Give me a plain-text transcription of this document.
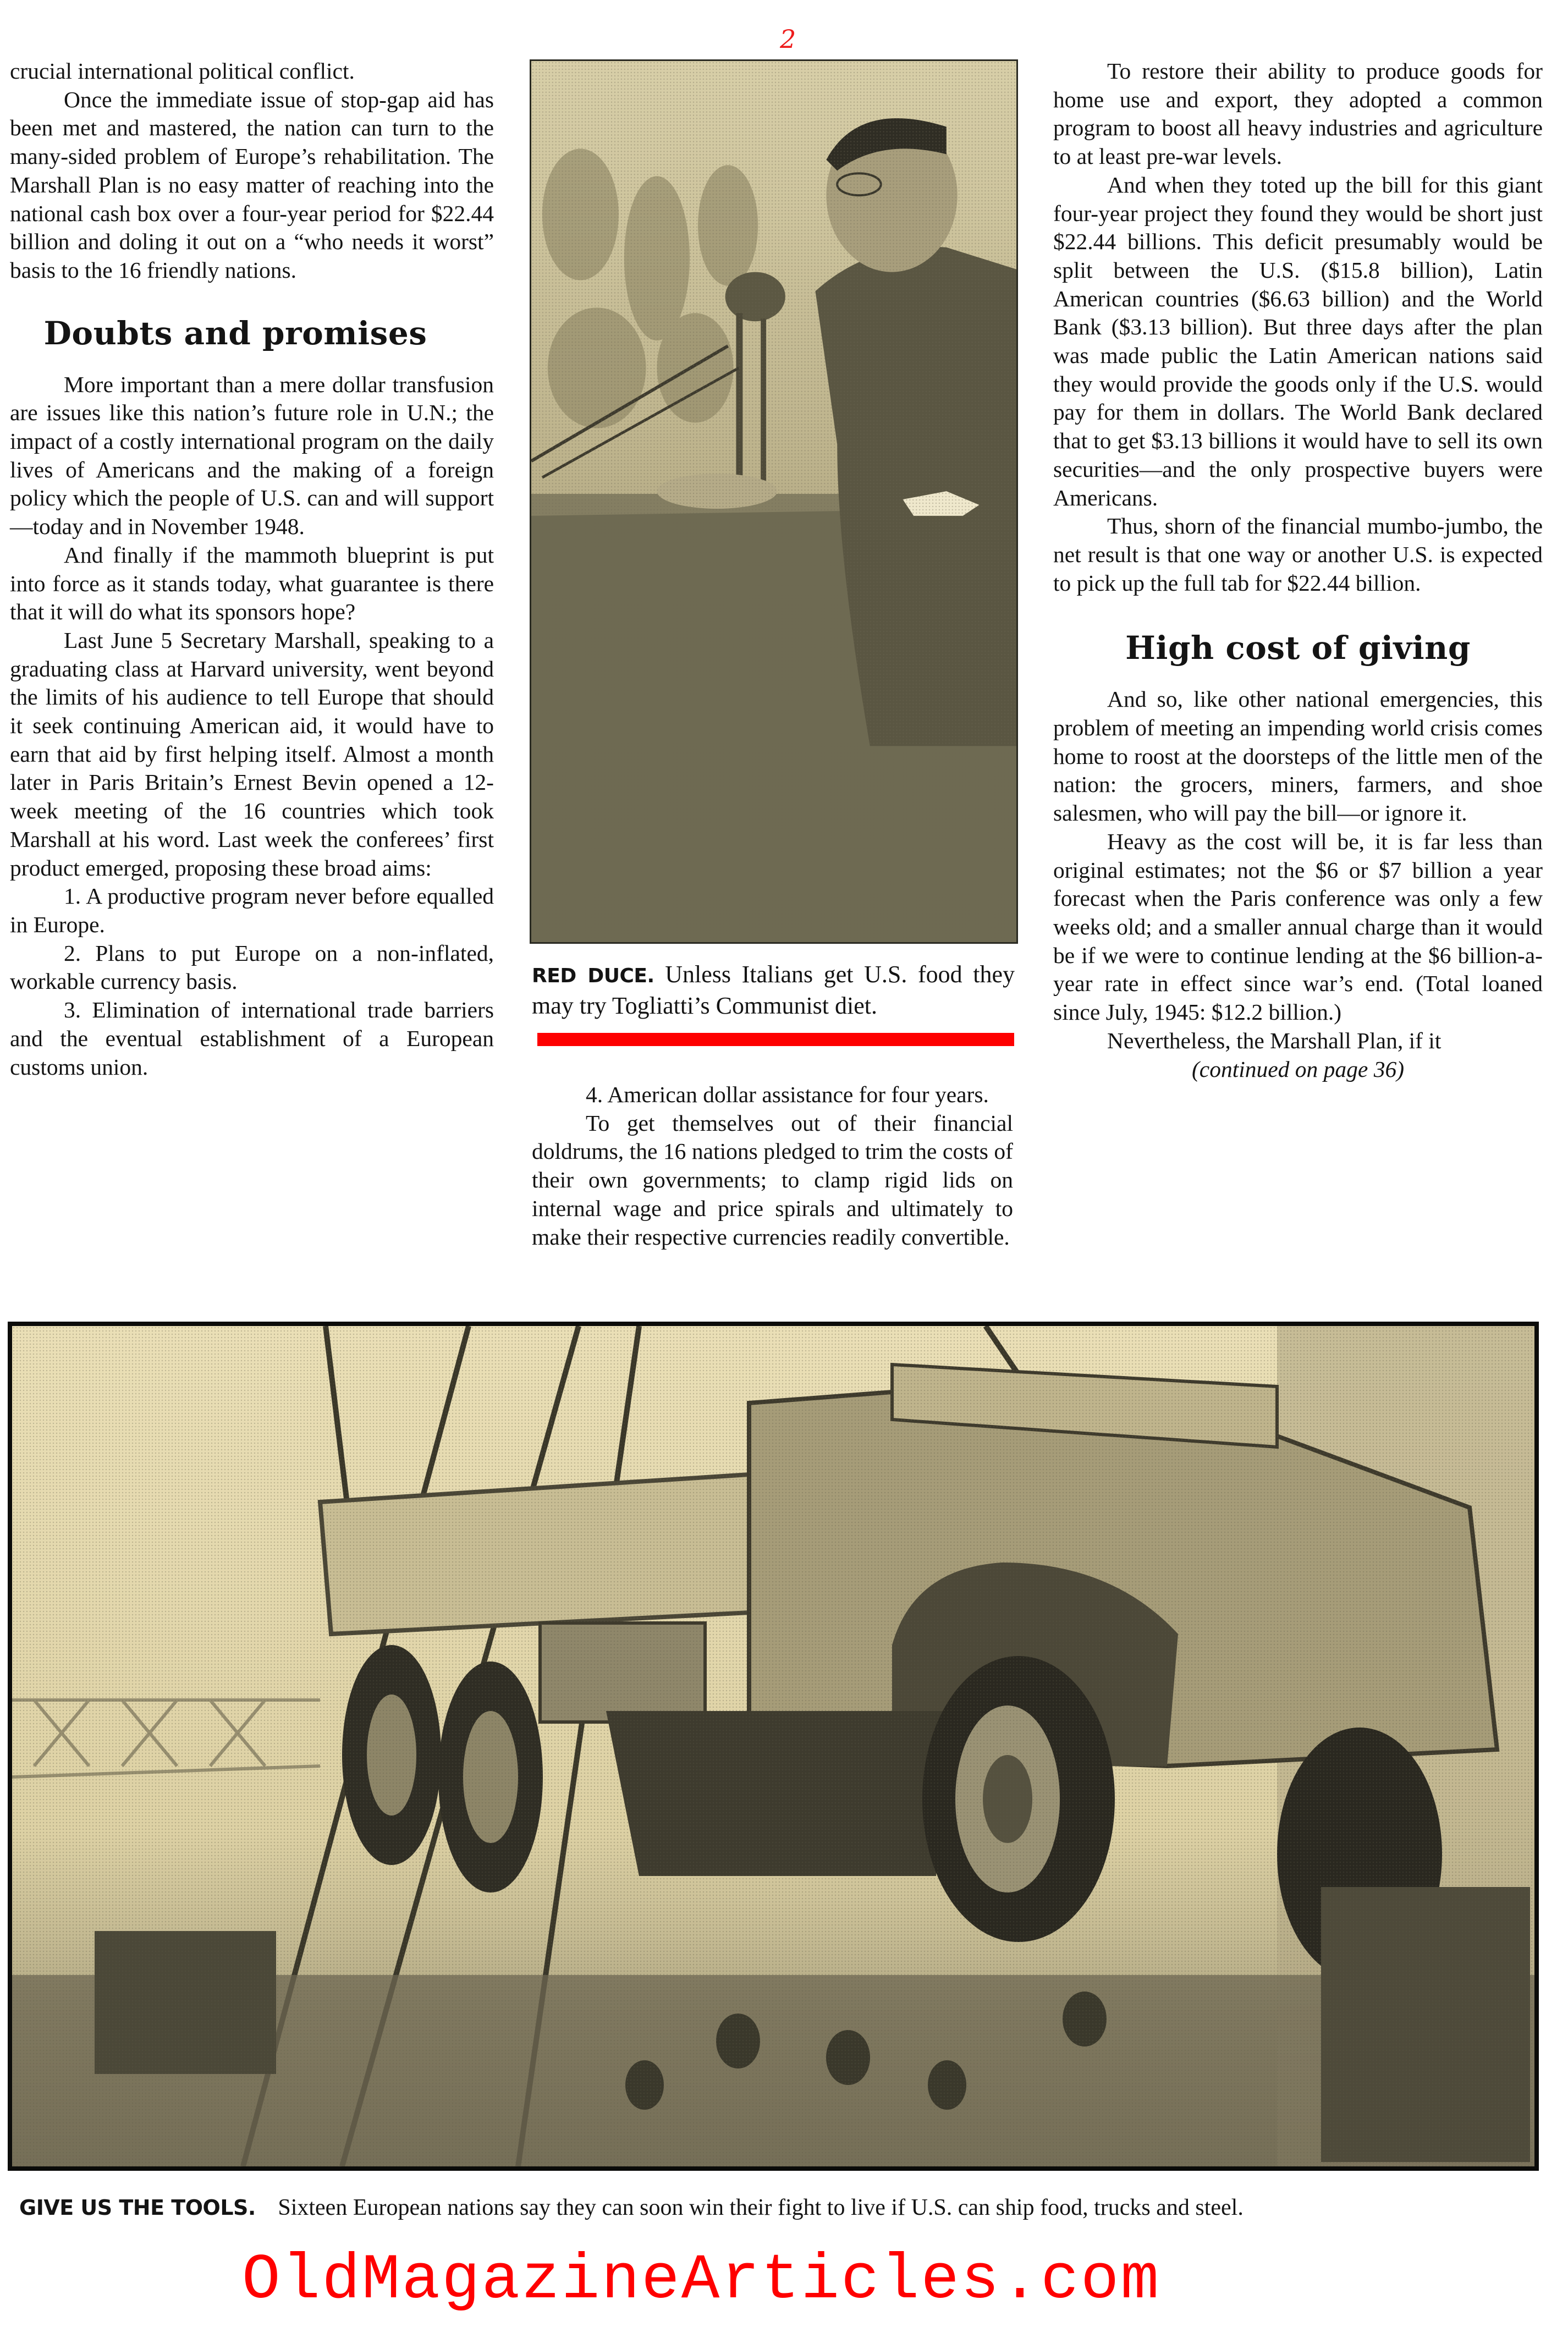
2

crucial international political conflict.

Once the immediate issue of stop-gap aid has been met and mastered, the nation can turn to the many-sided problem of Europe’s rehabilitation. The Marshall Plan is no easy matter of reaching into the national cash box over a four-year period for $22.44 billion and doling it out on a “who needs it worst” basis to the 16 friendly nations.

Doubts and promises

More important than a mere dollar transfusion are issues like this nation’s future role in U.N.; the impact of a costly international program on the daily lives of Americans and the making of a foreign policy which the people of U.S. can and will support—today and in November 1948.

And finally if the mammoth blueprint is put into force as it stands today, what guarantee is there that it will do what its sponsors hope?

Last June 5 Secretary Marshall, speaking to a graduating class at Harvard university, went beyond the limits of his audience to tell Europe that should it seek continuing American aid, it would have to earn that aid by first helping itself. Almost a month later in Paris Britain’s Ernest Bevin opened a 12-week meeting of the 16 countries which took Marshall at his word. Last week the conferees’ first product emerged, proposing these broad aims:

1. A productive program never before equalled in Europe.

2. Plans to put Europe on a non-inflated, workable currency basis.

3. Elimination of international trade barriers and the eventual establishment of a European customs union.

RED DUCE. Unless Italians get U.S. food they may try Togliatti’s Communist diet.

4. American dollar assistance for four years.

To get themselves out of their financial doldrums, the 16 nations pledged to trim the costs of their own governments; to clamp rigid lids on internal wage and price spirals and ultimately to make their respective currencies readily convertible.

To restore their ability to produce goods for home use and export, they adopted a common program to boost all heavy industries and agriculture to at least pre-war levels.

And when they toted up the bill for this giant four-year project they found they would be short just $22.44 billions. This deficit presumably would be split between the U.S. ($15.8 billion), Latin American countries ($6.63 billion) and the World Bank ($3.13 billion). But three days after the plan was made public the Latin American nations said they would provide the goods only if the U.S. would pay for them in dollars. The World Bank declared that to get $3.13 billions it would have to sell its own securities—and the only prospective buyers were Americans.

Thus, shorn of the financial mumbo-jumbo, the net result is that one way or another U.S. is expected to pick up the full tab for $22.44 billion.

High cost of giving

And so, like other national emergencies, this problem of meeting an impending world crisis comes home to roost at the doorsteps of the little men of the nation: the grocers, miners, farmers, and shoe salesmen, who will pay the bill—or ignore it.

Heavy as the cost will be, it is far less than original estimates; not the $6 or $7 billion a year forecast when the Paris conference was only a few weeks old; and a smaller annual charge than it would be if we were to continue lending at the $6 billion-a-year rate in effect since war’s end. (Total loaned since July, 1945: $12.2 billion.)

Nevertheless, the Marshall Plan, if it

(continued on page 36)

GIVE US THE TOOLS. Sixteen European nations say they can soon win their fight to live if U.S. can ship food, trucks and steel.
OldMagazineArticles.com
